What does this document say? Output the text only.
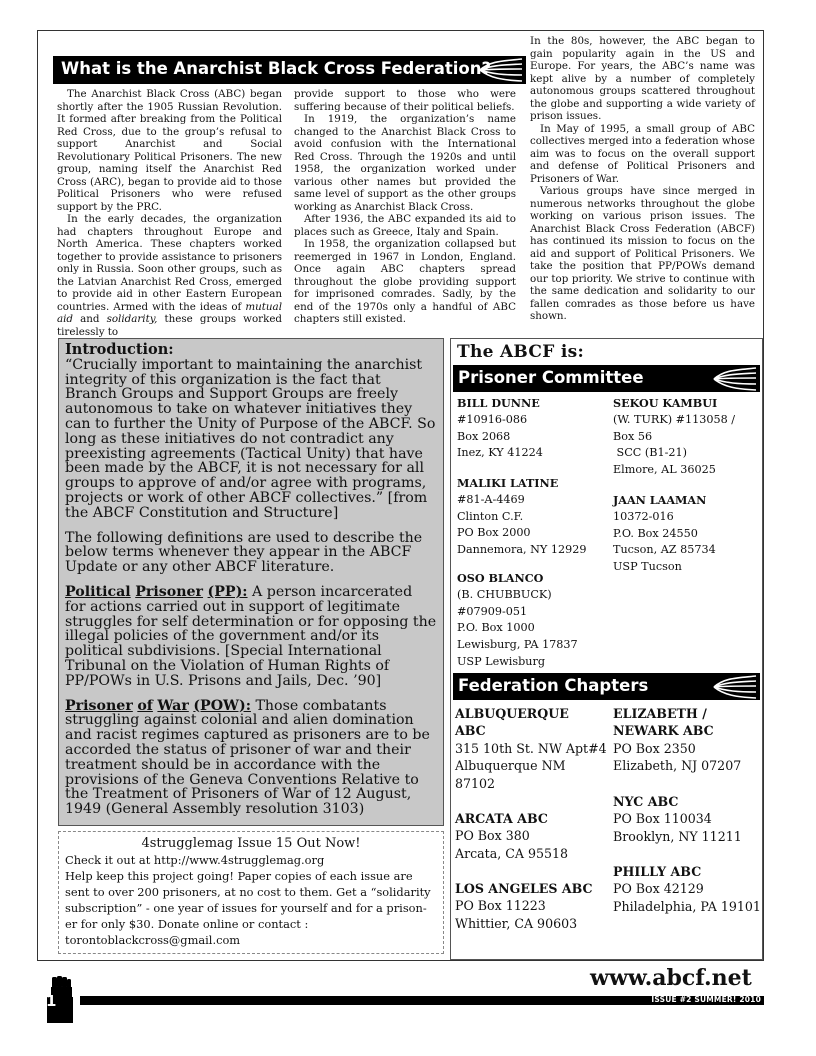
What is the Anarchist Black Cross Federation?

The Anarchist Black Cross (ABC) began shortly after the 1905 Russian Revolution. It formed after breaking from the Political Red Cross, due to the group’s refusal to support Anarchist and Social Revolutionary Political Prisoners. The new group, naming itself the Anarchist Red Cross (ARC), began to provide aid to those Political Prisoners who were refused support by the PRC.

In the early decades, the organization had chapters throughout Europe and North America. These chapters worked together to provide assistance to prisoners only in Russia. Soon other groups, such as the Latvian Anarchist Red Cross, emerged to provide aid in other Eastern European countries. Armed with the ideas of mutual aid and solidarity, these groups worked tirelessly to

provide support to those who were suffering because of their political beliefs.

In 1919, the organization’s name changed to the Anarchist Black Cross to avoid confusion with the International Red Cross. Through the 1920s and until 1958, the organization worked under various other names but provided the same level of support as the other groups working as Anarchist Black Cross.

After 1936, the ABC expanded its aid to places such as Greece, Italy and Spain.

In 1958, the organization collapsed but reemerged in 1967 in London, England. Once again ABC chapters spread throughout the globe providing support for imprisoned comrades. Sadly, by the end of the 1970s only a handful of ABC chapters still existed.

In the 80s, however, the ABC began to gain popularity again in the US and Europe. For years, the ABC’s name was kept alive by a number of completely autonomous groups scattered throughout the globe and supporting a wide variety of prison issues.

In May of 1995, a small group of ABC collectives merged into a federation whose aim was to focus on the overall support and defense of Political Prisoners and Prisoners of War.

Various groups have since merged in numerous networks throughout the globe working on various prison issues. The Anarchist Black Cross Federation (ABCF) has continued its mission to focus on the aid and support of Political Prisoners. We take the position that PP/POWs demand our top priority. We strive to continue with the same dedication and solidarity to our fallen comrades as those before us have shown.

Introduction:

“Crucially important to maintaining the anarchist integrity of this organization is the fact that Branch Groups and Support Groups are freely autonomous to take on whatever initiatives they can to further the Unity of Purpose of the ABCF. So long as these initiatives do not contradict any preexisting agreements (Tactical Unity) that have been made by the ABCF, it is not necessary for all groups to approve of and/or agree with programs, projects or work of other ABCF collectives.” [from the ABCF Constitution and Structure]

The following definitions are used to describe the below terms whenever they appear in the ABCF Update or any other ABCF literature.

Political Prisoner (PP): A person incarcerated for actions carried out in support of legitimate struggles for self determination or for opposing the illegal policies of the government and/or its political subdivisions. [Special International Tribunal on the Violation of Human Rights of PP/POWs in U.S. Prisons and Jails, Dec. ’90]

Prisoner of War (POW): Those combatants struggling against colonial and alien domination and racist regimes captured as prisoners are to be accorded the status of prisoner of war and their treatment should be in accordance with the provisions of the Geneva Conventions Relative to the Treatment of Prisoners of War of 12 August, 1949 (General Assembly resolution 3103)

4strugglemag Issue 15 Out Now!
Check it out at http://www.4strugglemag.org
Help keep this project going! Paper copies of each issue are
sent to over 200 prisoners, at no cost to them. Get a “solidarity
subscription” - one year of issues for yourself and for a prison-
er for only $30. Donate online or contact :
torontoblackcross@gmail.com
The ABCF is:
Prisoner Committee
BILL DUNNE
#10916-086
Box 2068
Inez, KY 41224
MALIKI LATINE
#81-A-4469
Clinton C.F.
PO Box 2000
Dannemora, NY 12929
OSO BLANCO
(B. CHUBBUCK)
#07909-051
P.O. Box 1000
Lewisburg, PA 17837
USP Lewisburg
SEKOU KAMBUI
(W. TURK) #113058 /
Box 56
SCC (B1-21)
Elmore, AL 36025
JAAN LAAMAN
10372-016
P.O. Box 24550
Tucson, AZ 85734
USP Tucson
Federation Chapters
ALBUQUERQUE
ABC
315 10th St. NW Apt#4
Albuquerque NM
87102
ARCATA ABC
PO Box 380
Arcata, CA 95518
LOS ANGELES ABC
PO Box 11223
Whittier, CA 90603
ELIZABETH /
NEWARK ABC
PO Box 2350
Elizabeth, NJ 07207
NYC ABC
PO Box 110034
Brooklyn, NY 11211
PHILLY ABC
PO Box 42129
Philadelphia, PA 19101
www.abcf.net
ISSUE #2 SUMMER! 2010
1
